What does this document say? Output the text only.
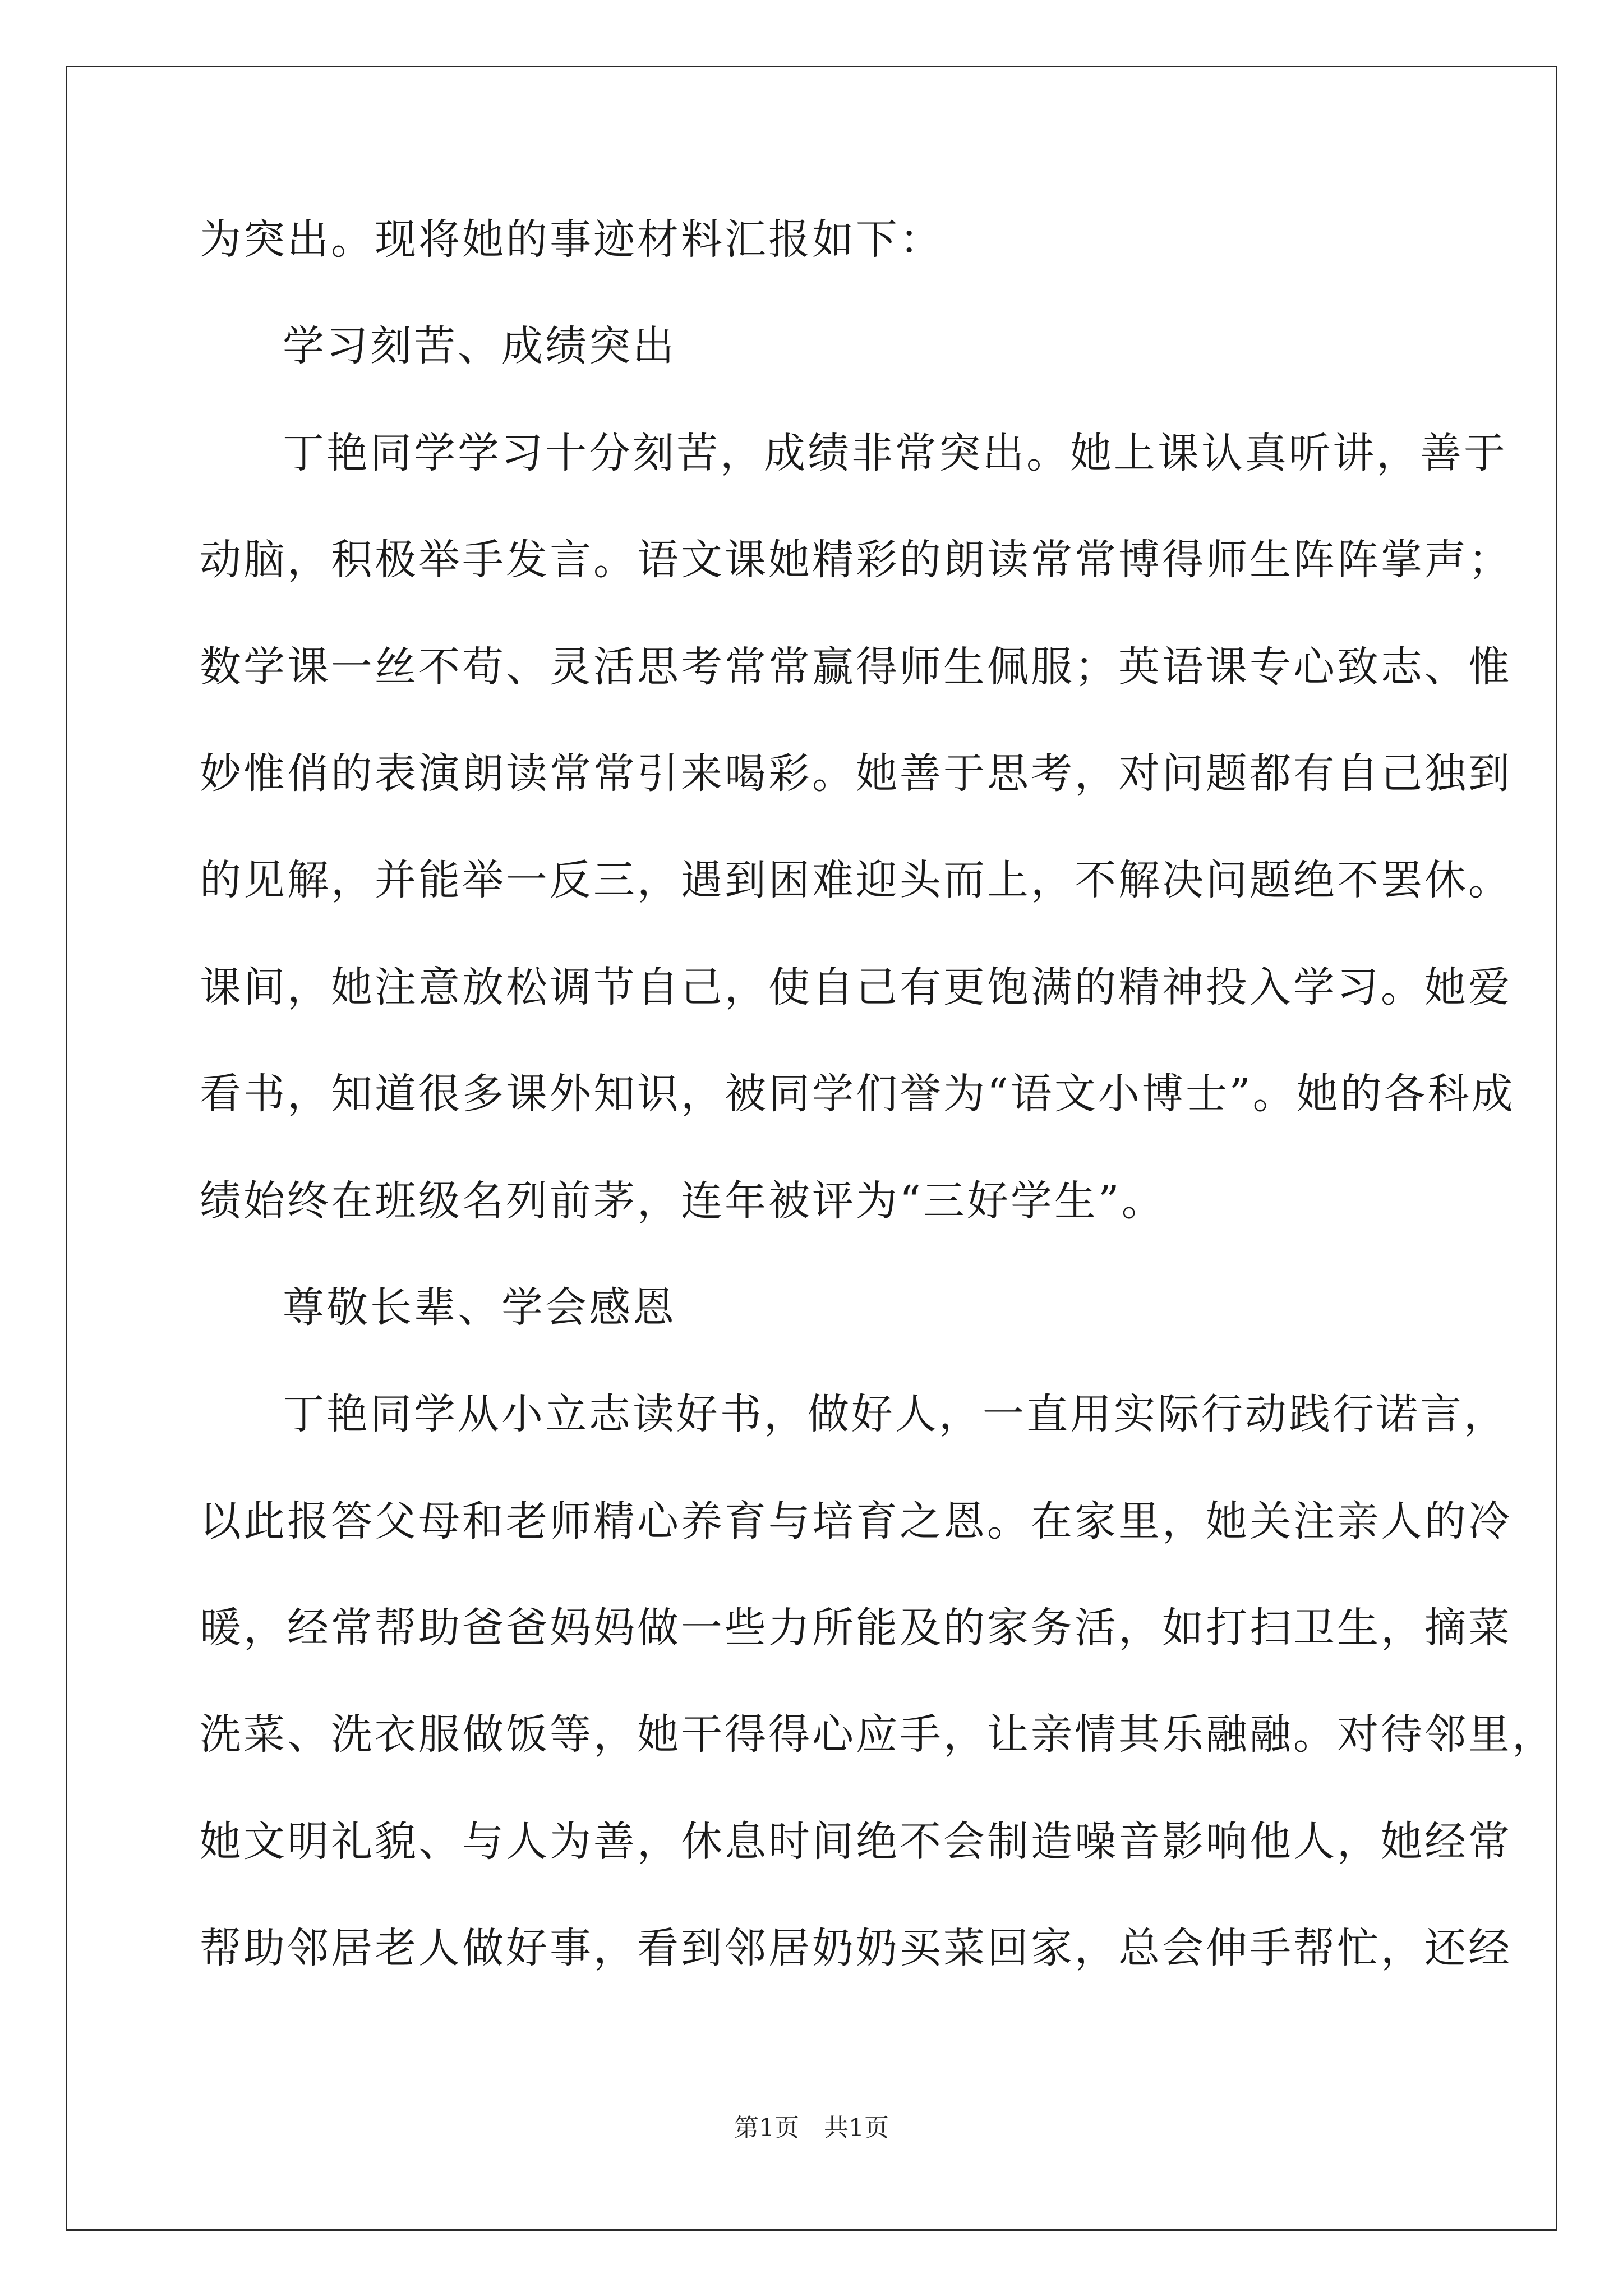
为突出。现将她的事迹材料汇报如下：
学习刻苦、成绩突出
丁艳同学学习十分刻苦，成绩非常突出。她上课认真听讲，善于
动脑，积极举手发言。语文课她精彩的朗读常常博得师生阵阵掌声；
数学课一丝不苟、灵活思考常常赢得师生佩服；英语课专心致志、惟
妙惟俏的表演朗读常常引来喝彩。她善于思考，对问题都有自己独到
的见解，并能举一反三，遇到困难迎头而上，不解决问题绝不罢休。
课间，她注意放松调节自己，使自己有更饱满的精神投入学习。她爱
看书，知道很多课外知识，被同学们誉为“语文小博士”。她的各科成
绩始终在班级名列前茅，连年被评为“三好学生”。
尊敬长辈、学会感恩
丁艳同学从小立志读好书，做好人，一直用实际行动践行诺言，
以此报答父母和老师精心养育与培育之恩。在家里，她关注亲人的冷
暖，经常帮助爸爸妈妈做一些力所能及的家务活，如打扫卫生，摘菜
洗菜、洗衣服做饭等，她干得得心应手，让亲情其乐融融。对待邻里，
她文明礼貌、与人为善，休息时间绝不会制造噪音影响他人，她经常
帮助邻居老人做好事，看到邻居奶奶买菜回家，总会伸手帮忙，还经
第1页　共1页
